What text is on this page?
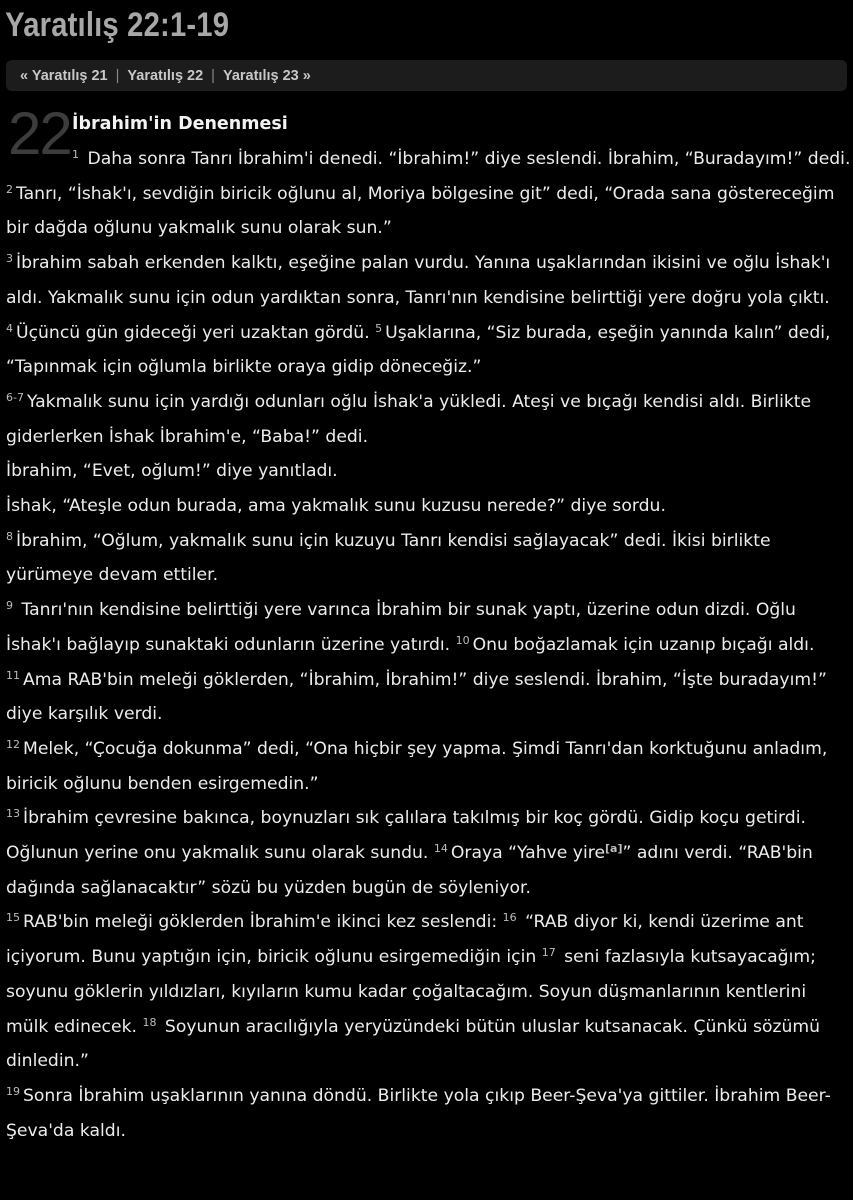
Yaratılış 22:1-19
« Yaratılış 21 | Yaratılış 22 | Yaratılış 23 »
22 İbrahim'in Denenmesi

$^1$ Daha sonra Tanrı İbrahim'i denedi. “İbrahim!” diye seslendi. İbrahim, “Buradayım!” dedi.

$^2$ Tanrı, “İshak'ı, sevdiğin biricik oğlunu al, Moriya bölgesine git” dedi, “Orada sana göstereceğim bir dağda oğlunu yakmalık sunu olarak sun.”

$^3$ İbrahim sabah erkenden kalktı, eşeğine palan vurdu. Yanına uşaklarından ikisini ve oğlu İshak'ı aldı. Yakmalık sunu için odun yardıktan sonra, Tanrı'nın kendisine belirttiği yere doğru yola çıktı. $^4$ Üçüncü gün gideceği yeri uzaktan gördü. $^5$ Uşaklarına, “Siz burada, eşeğin yanında kalın” dedi, “Tapınmak için oğlumla birlikte oraya gidip döneceğiz.”

$^{6-7}$ Yakmalık sunu için yardığı odunları oğlu İshak'a yükledi. Ateşi ve bıçağı kendisi aldı. Birlikte giderlerken İshak İbrahim'e, “Baba!” dedi.

İbrahim, “Evet, oğlum!” diye yanıtladı.

İshak, “Ateşle odun burada, ama yakmalık sunu kuzusu nerede?” diye sordu.

$^8$ İbrahim, “Oğlum, yakmalık sunu için kuzuyu Tanrı kendisi sağlayacak” dedi. İkisi birlikte yürümeye devam ettiler.

$^9$ Tanrı'nın kendisine belirttiği yere varınca İbrahim bir sunak yaptı, üzerine odun dizdi. Oğlu İshak'ı bağlayıp sunaktaki odunların üzerine yatırdı. $^{10}$ Onu boğazlamak için uzanıp bıçağı aldı. $^{11}$ Ama RAB'bin meleği göklerden, “İbrahim, İbrahim!” diye seslendi. İbrahim, “İşte buradayım!” diye karşılık verdi.

$^{12}$ Melek, “Çocuğa dokunma” dedi, “Ona hiçbir şey yapma. Şimdi Tanrı'dan korktuğunu anladım, biricik oğlunu benden esirgemedin.”

$^{13}$ İbrahim çevresine bakınca, boynuzları sık çalılara takılmış bir koç gördü. Gidip koçu getirdi. Oğlunun yerine onu yakmalık sunu olarak sundu. $^{14}$ Oraya “Yahve yire[a]” adını verdi. “RAB'bin dağında sağlanacaktır” sözü bu yüzden bugün de söyleniyor.

$^{15}$ RAB'bin meleği göklerden İbrahim'e ikinci kez seslendi: $^{16}$ “RAB diyor ki, kendi üzerime ant içiyorum. Bunu yaptığın için, biricik oğlunu esirgemediğin için $^{17}$ seni fazlasıyla kutsayacağım; soyunu göklerin yıldızları, kıyıların kumu kadar çoğaltacağım. Soyun düşmanlarının kentlerini mülk edinecek. $^{18}$ Soyunun aracılığıyla yeryüzündeki bütün uluslar kutsanacak. Çünkü sözümü dinledin.”

$^{19}$ Sonra İbrahim uşaklarının yanına döndü. Birlikte yola çıkıp Beer-Şeva'ya gittiler. İbrahim Beer-Şeva'da kaldı.
